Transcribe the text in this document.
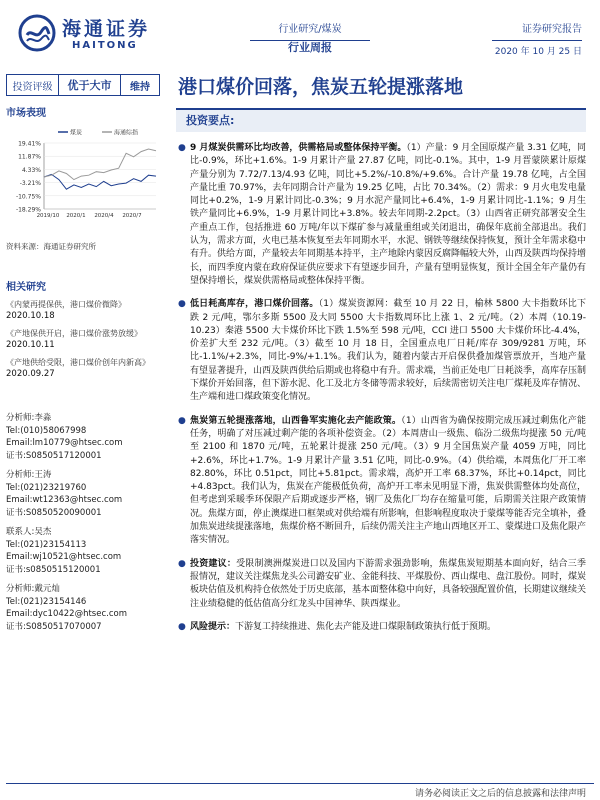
海通证券
HAITONG
行业研究/煤炭
行业周报
证券研究报告
2020 年 10 月 25 日
投资评级	优于大市	维持	港口煤价回落，焦炭五轮提涨落地
市场表现
19.41%
11.87%
4.33%
-3.21%
-10.75%
-18.29%
2019/10 2020/1 2020/4 2020/7
煤炭	海通综指
资料来源：海通证券研究所
相关研究
《内蒙再提保供，港口煤价微降》
2020.10.18
《产地保供开启，港口煤价涨势放缓》
2020.10.11
《产地供给受限，港口煤价创年内新高》
2020.09.27
分析师:李淼
Tel:(010)58067998
Email:lm10779@htsec.com
证书:S0850517120001
分析师:王涛
Tel:(021)23219760
Email:wt12363@htsec.com
证书:S0850520090001
联系人:吴杰
Tel:(021)23154113
Email:wj10521@htsec.com
证书:s0850515120001
分析师:戴元灿
Tel:(021)23154146
Email:dyc10422@htsec.com
证书:S0850517070007
投资要点:
● 9 月煤炭供需环比均改善，供需格局或整体保持平衡。（1）产量：9 月全国原煤产量 3.31 亿吨，同比-0.9%，环比+1.6%。1-9 月累计产量 27.87 亿吨，同比-0.1%。其中，1-9 月晋蒙陕累计原煤产量分别为 7.72/7.13/4.93 亿吨，同比+5.2%/-10.8%/+9.6%。合计产量 19.78 亿吨，占全国产量比重 70.97%，去年同期合计产量为 19.25 亿吨，占比 70.34%。（2）需求：9 月火电发电量同比+0.2%，1-9 月累计同比-0.3%；9 月水泥产量同比+6.4%，1-9 月累计同比-1.1%；9 月生铁产量同比+6.9%，1-9 月累计同比+3.8%。较去年同期-2.2pct。（3）山西省正研究部署安全生产重点工作，包括推进 60 万吨/年以下煤矿参与减量重组或关闭退出，确保年底前全部退出。我们认为，需求方面，火电已基本恢复至去年同期水平，水泥、钢铁等继续保持恢复，预计全年需求稳中有升。供给方面，产量较去年同期基本持平，主产地除内蒙因反腐降幅较大外，山西及陕西均保持增长，而四季度内蒙在政府保证供应要求下有望逐步回升，产量有望明显恢复，预计全国全年产量仍有望保持增长，煤炭供需格局或整体保持平衡。
● 低日耗高库存，港口煤价回落。（1）煤炭资源网：截至 10 月 22 日，榆林 5800 大卡指数环比下跌 2 元/吨，鄂尔多斯 5500 及大同 5500 大卡指数周环比上涨 1、2 元/吨。（2）本周（10.19-10.23）秦港 5500 大卡煤价环比下跌 1.5%至 598 元/吨，CCI 进口 5500 大卡煤价环比-4.4%，价差扩大至 232 元/吨。（3）截至 10 月 18 日，全国重点电厂日耗/库存 309/9281 万吨，环比-1.1%/+2.3%，同比-9%/+1.1%。我们认为，随着内蒙古开启保供叠加煤管票放开，当地产量有望显著提升，山西及陕西供给后期或也将稳中有升。需求端，当前正处电厂日耗淡季，高库存压制下煤价开始回落，但下游水泥、化工及北方冬储等需求较好，后续需密切关注电厂煤耗及库存情况、生产端和进口煤政策变化情况。
● 焦炭第五轮提涨落地，山西鲁军实施化去产能政策。（1）山西省为确保按期完成压减过剩焦化产能任务，明确了对压减过剩产能的各项补偿资金。（2）本周唐山一级焦、临汾二级焦均提涨 50 元/吨至 2100 和 1870 元/吨，五轮累计提涨 250 元/吨。（3）9 月全国焦炭产量 4059 万吨，同比+2.6%，环比+1.7%。1-9 月累计产量 3.51 亿吨，同比-0.9%。（4）供给端，本周焦化厂开工率 82.80%，环比 0.51pct，同比+5.81pct。需求端，高炉开工率 68.37%，环比+0.14pct，同比+4.83pct。我们认为，焦炭在产能极低负荷，高炉开工率未见明显下滑，焦炭供需整体均处高位，但考虑到采暖季环保限产后期或逐步严格，钢厂及焦化厂均存在缩量可能，后期需关注限产政策情况。焦煤方面，停止澳煤进口框架或对供给端有所影响，但影响程度取决于蒙煤等能否完全填补，叠加焦炭进续提涨落地，焦煤价格不断回升，后续仍需关注主产地山西地区开工、蒙煤进口及焦化限产落实情况。
● 投资建议：受限制澳洲煤炭进口以及国内下游需求强劲影响，焦煤焦炭短期基本面向好，结合三季报情况，建议关注煤焦龙头公司潞安矿业、金能科技、平煤股份、西山煤电、盘江股份。同时，煤炭板块估值及机构持仓依然处于历史底部，基本面整体稳中向好，具备较强配置价值，长期建议继续关注业绩稳健的低估值高分红龙头中国神华、陕西煤业。
● 风险提示：下游复工持续推进、焦化去产能及进口煤限制政策执行低于预期。
请务必阅读正文之后的信息披露和法律声明
